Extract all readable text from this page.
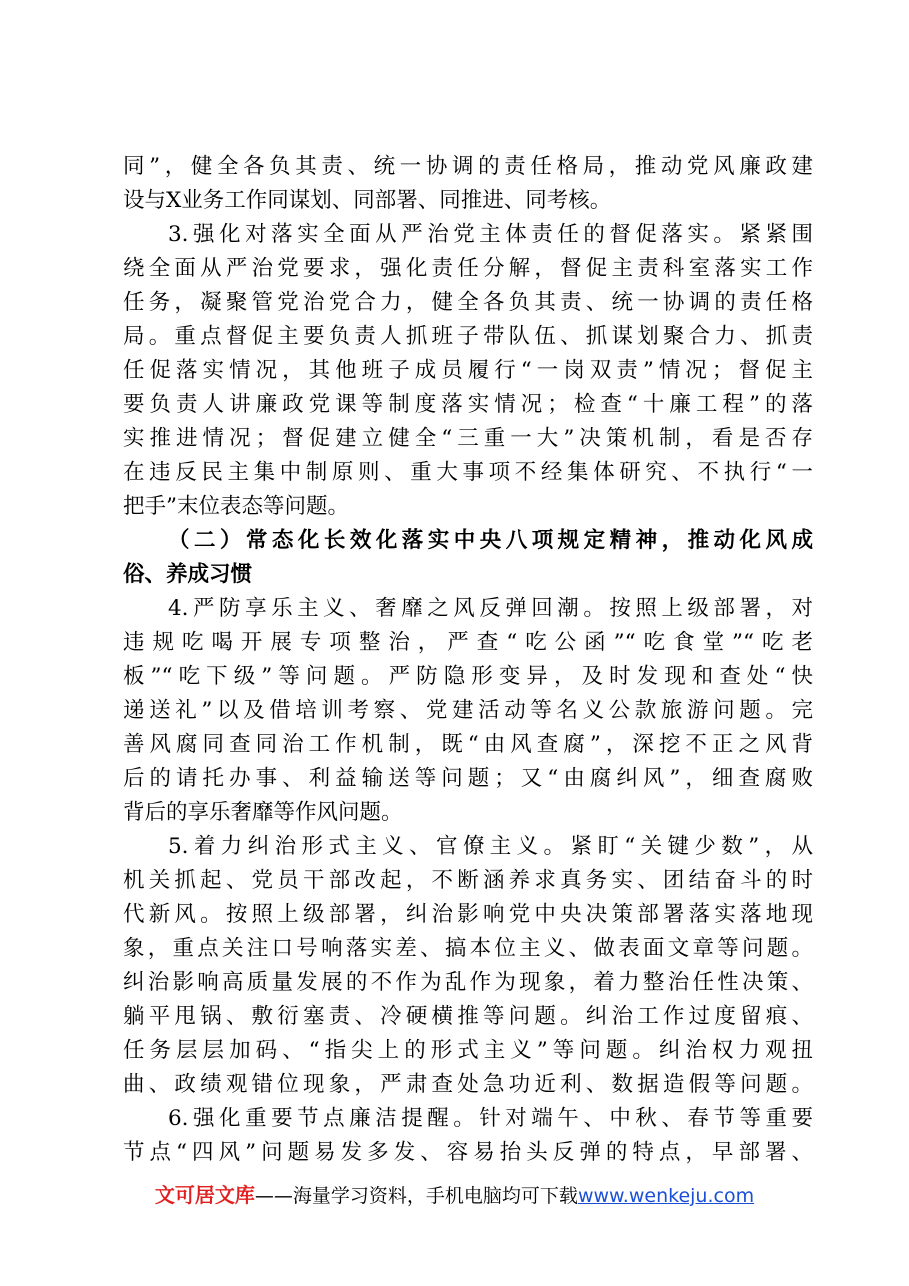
同”，健全各负其责、统一协调的责任格局，推动党风廉政建
设与X业务工作同谋划、同部署、同推进、同考核。
3.强化对落实全面从严治党主体责任的督促落实。紧紧围
绕全面从严治党要求，强化责任分解，督促主责科室落实工作
任务，凝聚管党治党合力，健全各负其责、统一协调的责任格
局。重点督促主要负责人抓班子带队伍、抓谋划聚合力、抓责
任促落实情况，其他班子成员履行“一岗双责”情况；督促主
要负责人讲廉政党课等制度落实情况；检查“十廉工程”的落
实推进情况；督促建立健全“三重一大”决策机制，看是否存
在违反民主集中制原则、重大事项不经集体研究、不执行“一
把手”末位表态等问题。
（二）常态化长效化落实中央八项规定精神，推动化风成
俗、养成习惯
4.严防享乐主义、奢靡之风反弹回潮。按照上级部署，对
违规吃喝开展专项整治，严查“吃公函”“吃食堂”“吃老
板”“吃下级”等问题。严防隐形变异，及时发现和查处“快
递送礼”以及借培训考察、党建活动等名义公款旅游问题。完
善风腐同查同治工作机制，既“由风查腐”，深挖不正之风背
后的请托办事、利益输送等问题；又“由腐纠风”，细查腐败
背后的享乐奢靡等作风问题。
5.着力纠治形式主义、官僚主义。紧盯“关键少数”，从
机关抓起、党员干部改起，不断涵养求真务实、团结奋斗的时
代新风。按照上级部署，纠治影响党中央决策部署落实落地现
象，重点关注口号响落实差、搞本位主义、做表面文章等问题。
纠治影响高质量发展的不作为乱作为现象，着力整治任性决策、
躺平甩锅、敷衍塞责、冷硬横推等问题。纠治工作过度留痕、
任务层层加码、“指尖上的形式主义”等问题。纠治权力观扭
曲、政绩观错位现象，严肃查处急功近利、数据造假等问题。
6.强化重要节点廉洁提醒。针对端午、中秋、春节等重要
节点“四风”问题易发多发、容易抬头反弹的特点，早部署、
文可居文库——海量学习资料，手机电脑均可下载www.wenkeju.com
